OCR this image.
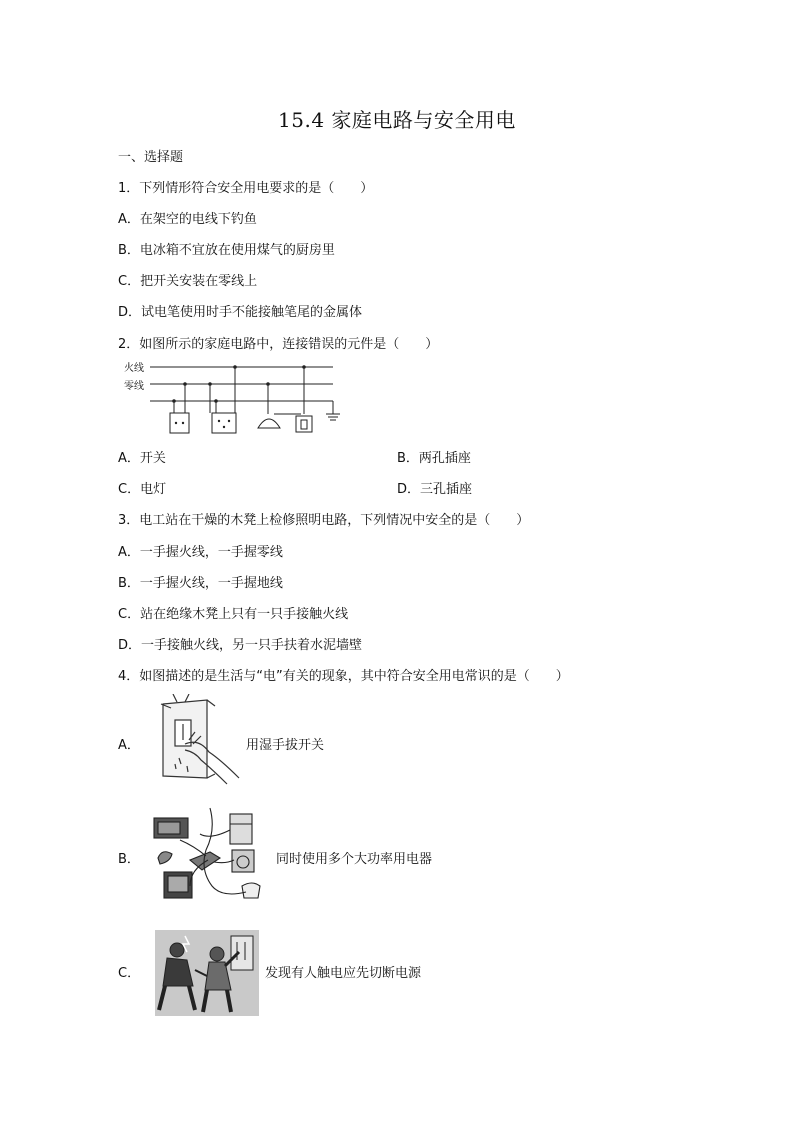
15.4 家庭电路与安全用电
一、选择题
1．下列情形符合安全用电要求的是（　　）
A．在架空的电线下钓鱼
B．电冰箱不宜放在使用煤气的厨房里
C．把开关安装在零线上
D．试电笔使用时手不能接触笔尾的金属体
2．如图所示的家庭电路中，连接错误的元件是（　　）
火线
零线
A．开关	B．两孔插座
C．电灯	D．三孔插座
3．电工站在干燥的木凳上检修照明电路，下列情况中安全的是（　　）
A．一手握火线，一手握零线
B．一手握火线，一手握地线
C．站在绝缘木凳上只有一只手接触火线
D．一手接触火线，另一只手扶着水泥墙壁
4．如图描述的是生活与“电”有关的现象，其中符合安全用电常识的是（　　）
A．	用湿手拔开关
B．	同时使用多个大功率用电器
C．	发现有人触电应先切断电源
